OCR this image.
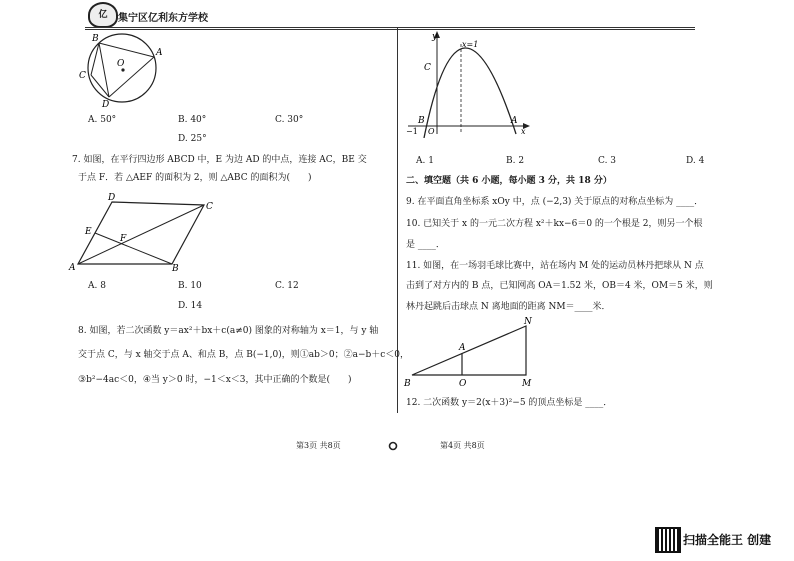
亿	集宁区亿利东方学校
B
A
C
O
D
A. 50°	B. 40°	C. 30°
D. 25°
7. 如图，在平行四边形 ABCD 中，E 为边 AD 的中点，连接 AC，BE 交
于点 F．若 △AEF 的面积为 2，则 △ABC 的面积为(　　)
D
C
E
F
A	B
A. 8	B. 10	C. 12
D. 14
8. 如图，若二次函数 y＝ax²＋bx＋c(a≠0) 图象的对称轴为 x＝1，与 y 轴
交于点 C，与 x 轴交于点 A、和点 B，点 B(−1,0)，则①ab＞0；②a−b＋c＜0，
③b²−4ac＜0，④当 y＞0 时，−1＜x＜3，其中正确的个数是(　　)
y
x=1
C
O
A
x
B
−1
A. 1	B. 2	C. 3	D. 4
二、填空题（共 6 小题，每小题 3 分，共 18 分）
9. 在平面直角坐标系 xOy 中，点 (−2,3) 关于原点的对称点坐标为 ____．
10. 已知关于 x 的一元二次方程 x²＋kx−6＝0 的一个根是 2，则另一个根
是 ____．
11. 如图，在一场羽毛球比赛中，站在场内 M 处的运动员林丹把球从 N 点
击到了对方内的 B 点，已知网高 OA＝1.52 米，OB＝4 米，OM＝5 米，则
林丹起跳后击球点 N 离地面的距离 NM＝____米．
N
A
B	O	M
12. 二次函数 y＝2(x＋3)²−5 的顶点坐标是 ____．
第3页 共8页	第4页 共8页
扫描全能王 创建
